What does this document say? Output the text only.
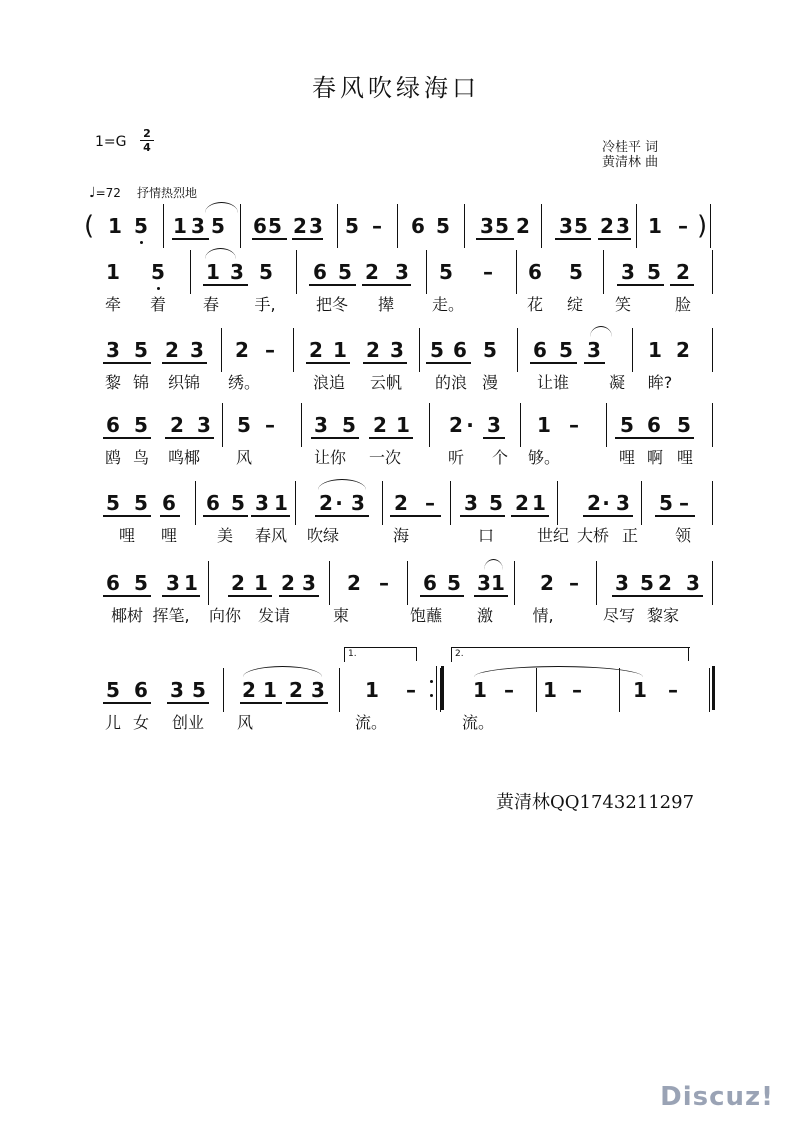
春风吹绿海口
1=G
2
4	冷桂平 词
黄清林 曲
♩=72 抒情热烈地
( 1 5 1 3 5 6 5 2 3 5 – 6 5 3 5 2 3 5 2 3 1 – )
1 5 1 3 5 6 5 2 3 5 – 6 5 3 5 2
牵 着 春 手,	把冬 撵 走。	花 绽 笑	脸
3 5 2 3 2 – 2 1 2 3 5 6 5 6 5 3 1 2
黎 锦 织锦 绣。	浪追 云帆 的浪 漫 让谁 凝 眸?
6 5 2 3 5 – 3 5 2 1 2 · 3 1 – 5 6 5
鸥 鸟 鸣椰 风	让你 一次	听 个 够。	哩 啊 哩
5 5 6 6 5 3 1 2 · 3 2 – 3 5 2 1 2 · 3 5 –
哩 哩 美 春风 吹绿	海	口	世纪 大桥 正 领
6 5 3 1 2 1 2 3 2 – 6 5 3 1 2 – 3 5 2 3
椰树 挥笔, 向你 发请	柬	饱蘸 激 情,	尽写 黎家
5 6 3 5 2 1 2 3 1 –	1 – 1 –	1 –
儿 女 创业 风	流。	流。
1.	2.
黄清林QQ1743211297
Discuz!
